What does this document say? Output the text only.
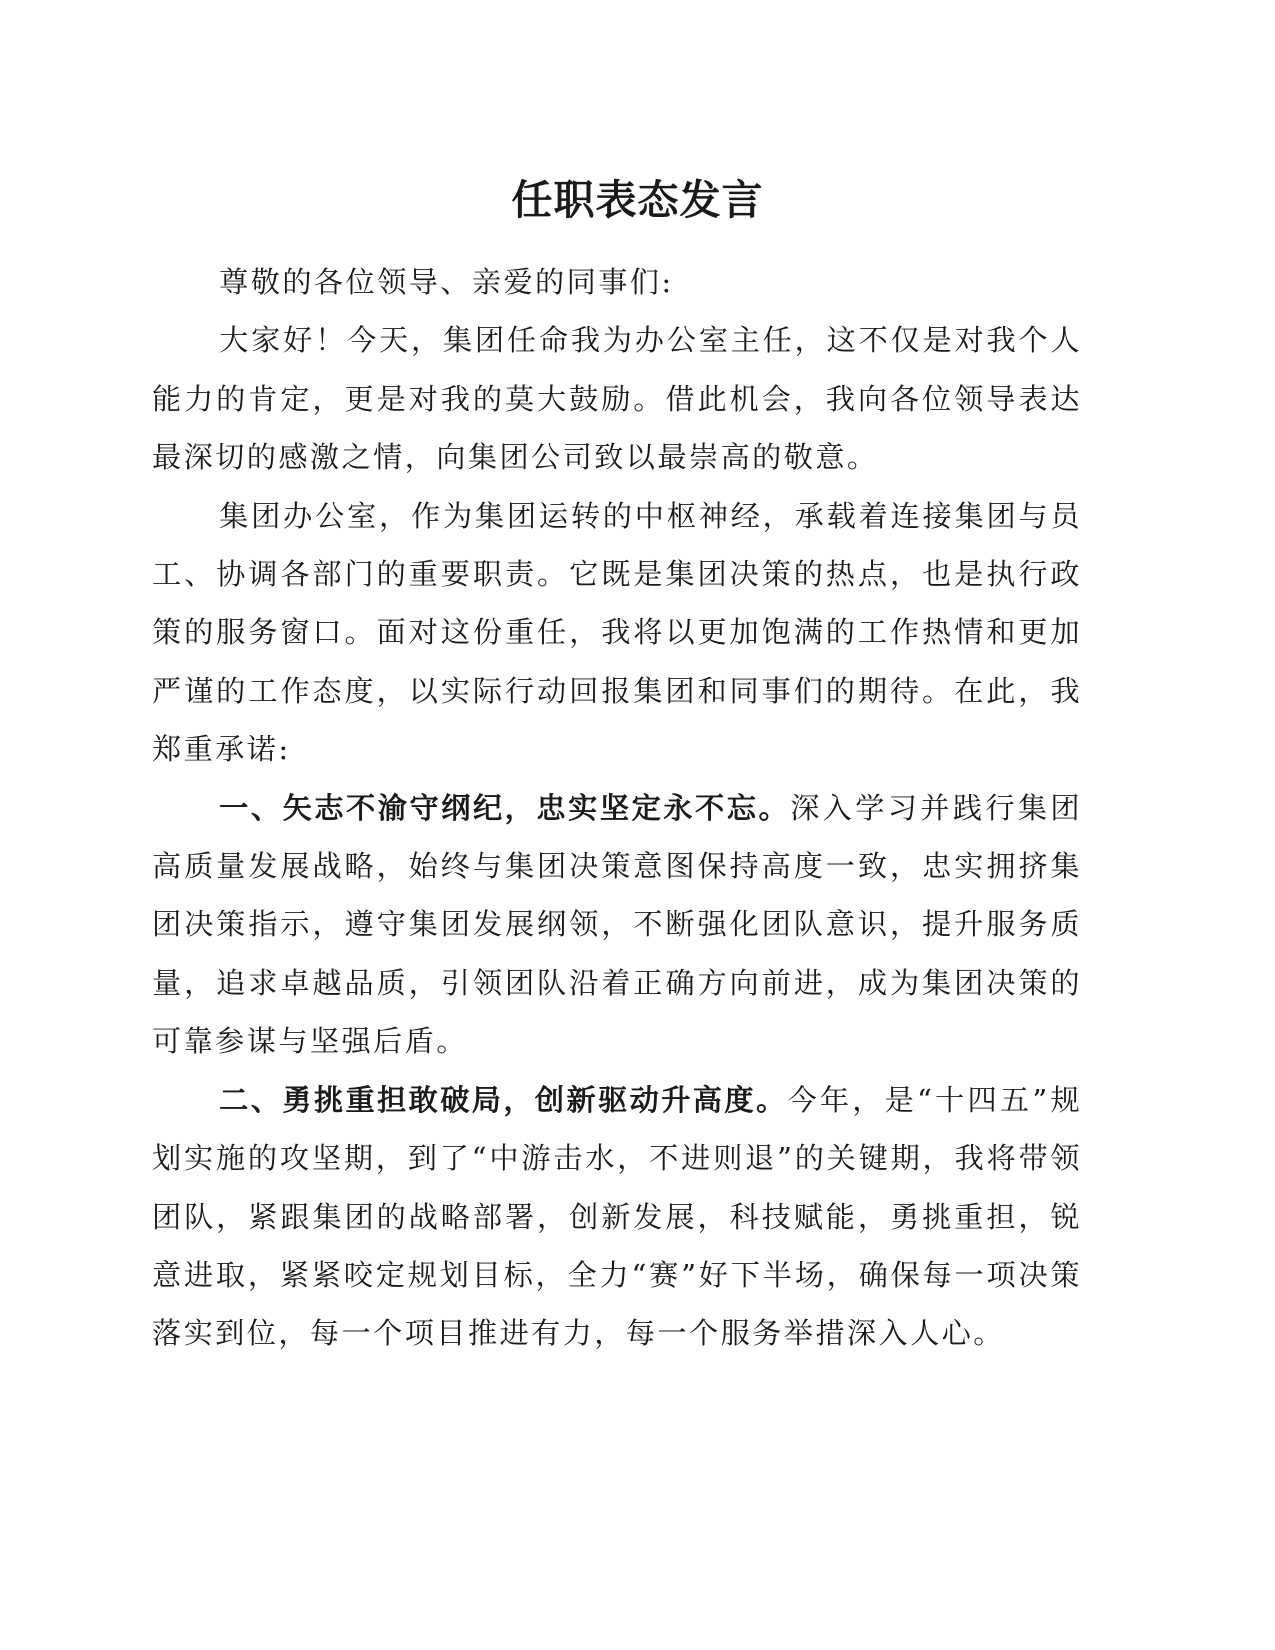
任职表态发言

尊敬的各位领导、亲爱的同事们:

大家好！今天，集团任命我为办公室主任，这不仅是对我个人能力的肯定，更是对我的莫大鼓励。借此机会，我向各位领导表达最深切的感激之情，向集团公司致以最崇高的敬意。

集团办公室，作为集团运转的中枢神经，承载着连接集团与员工、协调各部门的重要职责。它既是集团决策的热点，也是执行政策的服务窗口。面对这份重任，我将以更加饱满的工作热情和更加严谨的工作态度，以实际行动回报集团和同事们的期待。在此，我郑重承诺:

一、矢志不渝守纲纪，忠实坚定永不忘。深入学习并践行集团高质量发展战略，始终与集团决策意图保持高度一致，忠实拥挤集团决策指示，遵守集团发展纲领，不断强化团队意识，提升服务质量，追求卓越品质，引领团队沿着正确方向前进，成为集团决策的可靠参谋与坚强后盾。

二、勇挑重担敢破局，创新驱动升高度。今年，是“十四五”规划实施的攻坚期，到了“中游击水，不进则退”的关键期，我将带领团队，紧跟集团的战略部署，创新发展，科技赋能，勇挑重担，锐意进取，紧紧咬定规划目标，全力“赛”好下半场，确保每一项决策落实到位，每一个项目推进有力，每一个服务举措深入人心。
